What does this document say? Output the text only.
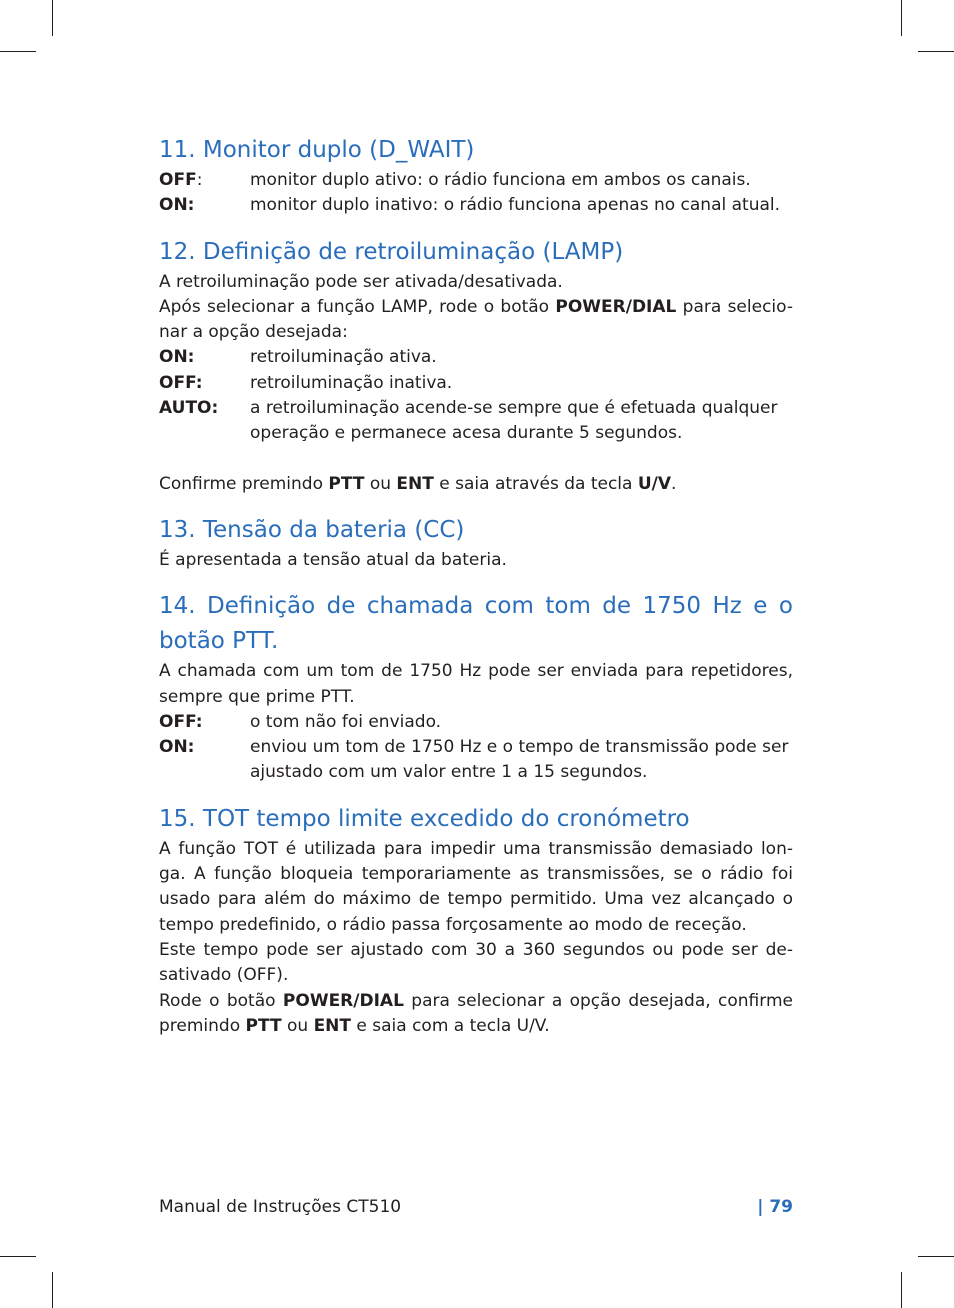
11. Monitor duplo (D_WAIT)
OFF:	monitor duplo ativo: o rádio funciona em ambos os canais.
ON:	monitor duplo inativo: o rádio funciona apenas no canal atual.
12. Definição de retroiluminação (LAMP)

A retroiluminação pode ser ativada/desativada.

Após selecionar a função LAMP, rode o botão POWER/DIAL para selecio-nar a opção desejada:

ON:	retroiluminação ativa.
OFF:	retroiluminação inativa.
AUTO:	a retroiluminação acende-se sempre que é efetuada qualquer operação e permanece acesa durante 5 segundos.

Confirme premindo PTT ou ENT e saia através da tecla U/V.

13. Tensão da bateria (CC)

É apresentada a tensão atual da bateria.

14. Definição de chamada com tom de 1750 Hz e o botão PTT.

A chamada com um tom de 1750 Hz pode ser enviada para repetidores, sempre que prime PTT.

OFF:	o tom não foi enviado.
ON:	enviou um tom de 1750 Hz e o tempo de transmissão pode ser ajustado com um valor entre 1 a 15 segundos.
15. TOT tempo limite excedido do cronómetro

A função TOT é utilizada para impedir uma transmissão demasiado lon-ga. A função bloqueia temporariamente as transmissões, se o rádio foi usado para além do máximo de tempo permitido. Uma vez alcançado o tempo predefinido, o rádio passa forçosamente ao modo de receção.

Este tempo pode ser ajustado com 30 a 360 segundos ou pode ser de-sativado (OFF).

Rode o botão POWER/DIAL para selecionar a opção desejada, confirme premindo PTT ou ENT e saia com a tecla U/V.

Manual de Instruções CT510	| 79
